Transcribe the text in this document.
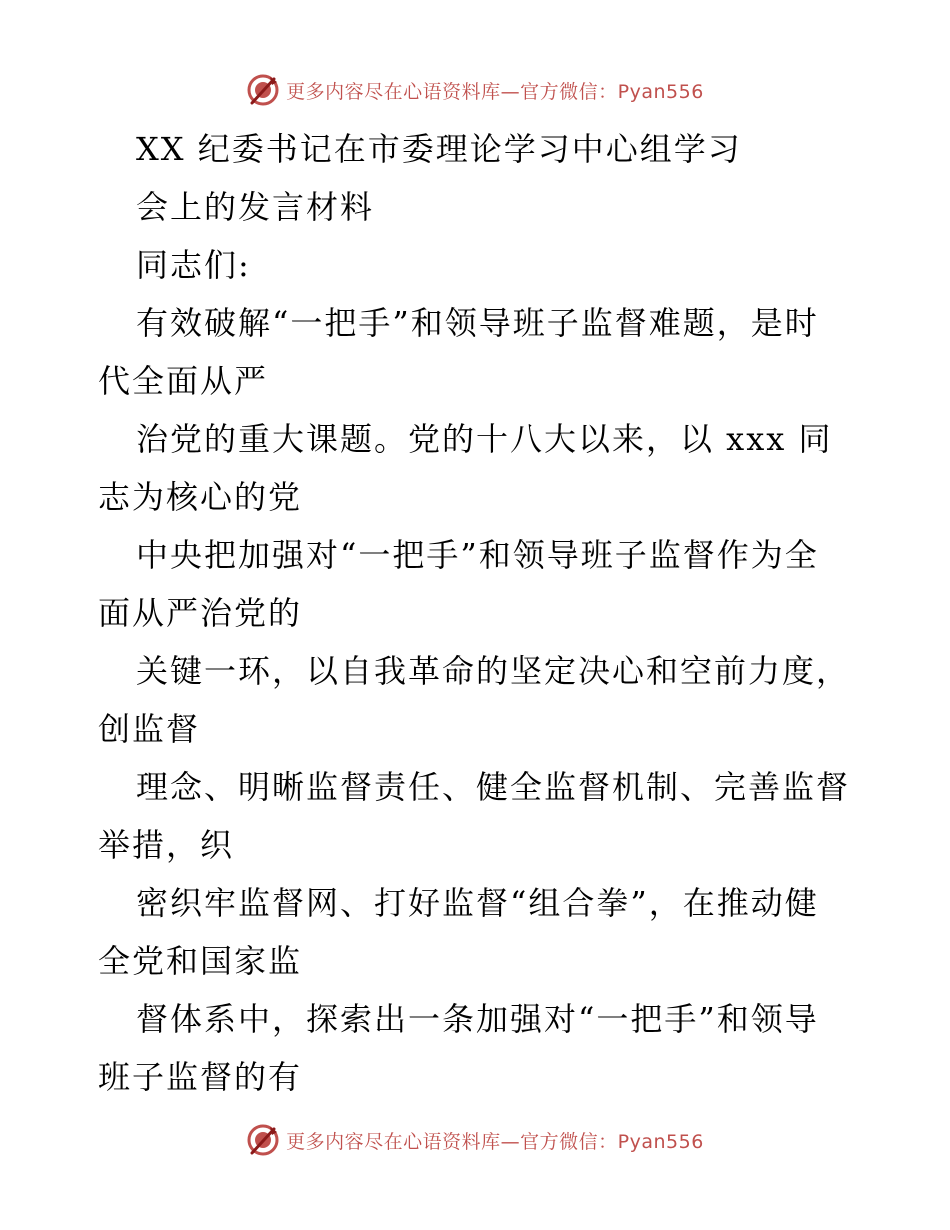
更多内容尽在心语资料库—官方微信：Pyan556
XX 纪委书记在市委理论学习中心组学习
会上的发言材料
同志们:
有效破解“一把手”和领导班子监督难题，是时
代全面从严
治党的重大课题。党的十八大以来，以 xxx 同
志为核心的党
中央把加强对“一把手”和领导班子监督作为全
面从严治党的
关键一环，以自我革命的坚定决心和空前力度，
创监督
理念、明晰监督责任、健全监督机制、完善监督
举措，织
密织牢监督网、打好监督“组合拳”，在推动健
全党和国家监
督体系中，探索出一条加强对“一把手”和领导
班子监督的有
更多内容尽在心语资料库—官方微信：Pyan556
